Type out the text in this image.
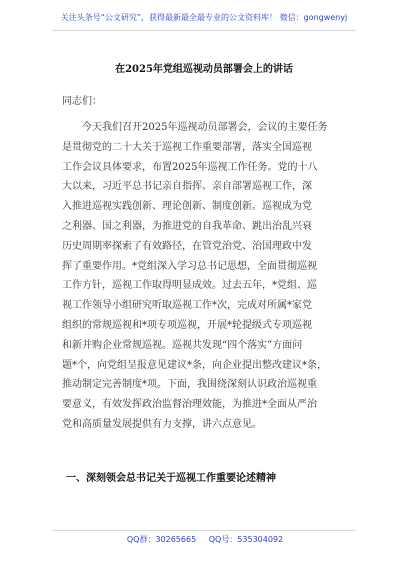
关注头条号“公文研究”，获得最新最全最专业的公文资料库！ 微信：gongwenyj
在2025年党组巡视动员部署会上的讲话
同志们：
今天我们召开2025年巡视动员部署会，会议的主要任务
是贯彻党的二十大关于巡视工作重要部署，落实全国巡视
工作会议具体要求，布置2025年巡视工作任务。党的十八
大以来，习近平总书记亲自指挥、亲自部署巡视工作，深
入推进巡视实践创新、理论创新、制度创新。巡视成为党
之利器、国之利器，为推进党的自我革命、跳出治乱兴衰
历史周期率探索了有效路径，在管党治党、治国理政中发
挥了重要作用。*党组深入学习总书记思想，全面贯彻巡视
工作方针，巡视工作取得明显成效。过去五年，*党组、巡
视工作领导小组研究听取巡视工作*次，完成对所属*家党
组织的常规巡视和*项专项巡视，开展*轮提级式专项巡视
和新并购企业常规巡视。巡视共发现“四个落实”方面问
题*个，向党组呈报意见建议*条，向企业提出整改建议*条，
推动制定完善制度*项。下面，我围绕深刻认识政治巡视重
要意义，有效发挥政治监督治理效能，为推进*全面从严治
党和高质量发展提供有力支撑，讲六点意见。
一、深刻领会总书记关于巡视工作重要论述精神
QQ群：30265665 QQ号：535304092
